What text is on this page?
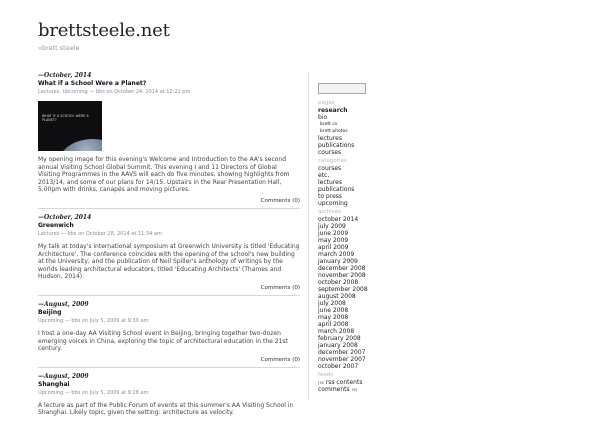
brettsteele.net
»brett steele
—October, 2014
What if a School Were a Planet?
Lectures, Upcoming — bbs on October 24, 2014 at 12:21 pm
WHAT IF A SCHOOL WERE A PLANET?
My opening image for this evening's Welcome and Introduction to the AA's second annual Visiting School Global Summit. This evening I and 11 Directors of Global Visiting Programmes in the AAVS will each do five minutes, showing highlights from 2013/14, and some of our plans for 14/15. Upstairs in the Rear Presentation Hall, 5.00pm with drinks, canapés and moving pictures.
Comments (0)
—October, 2014
Greenwich
Lectures — bbs on October 28, 2014 at 11:34 am
My talk at today's international symposium at Greenwich University is titled 'Educating Architecture'. The conference coincides with the opening of the school's new building at the University, and the publication of Neil Spiller's anthology of writings by the worlds leading architectural educators, titled 'Educating Architects' (Thames and Hudson, 2014).
Comments (0)
—August, 2009
Beijing
Upcoming — bbs on July 5, 2009 at 9:30 am
I host a one-day AA Visiting School event in Beijing, bringing together two-dozen emerging voices in China, exploring the topic of architectural education in the 21st century.
Comments (0)
—August, 2009
Shanghai
Upcoming — bbs on July 5, 2009 at 9:28 am
A lecture as part of the Public Forum of events at this summer's AA Visiting School in Shanghai. Likely topic, given the setting: architecture as velocity.
pages
research
bio
brett cv
brett photos
lectures
publications
courses
categories
courses
etc.
lectures
publications
to press
upcoming
archives
october 2014
july 2009
june 2009
may 2009
april 2009
march 2009
january 2009
december 2008
november 2008
october 2008
september 2008
august 2008
july 2008
june 2008
may 2008
april 2008
march 2008
february 2008
january 2008
december 2007
november 2007
october 2007
feeds
rss rss contents
comments rss
